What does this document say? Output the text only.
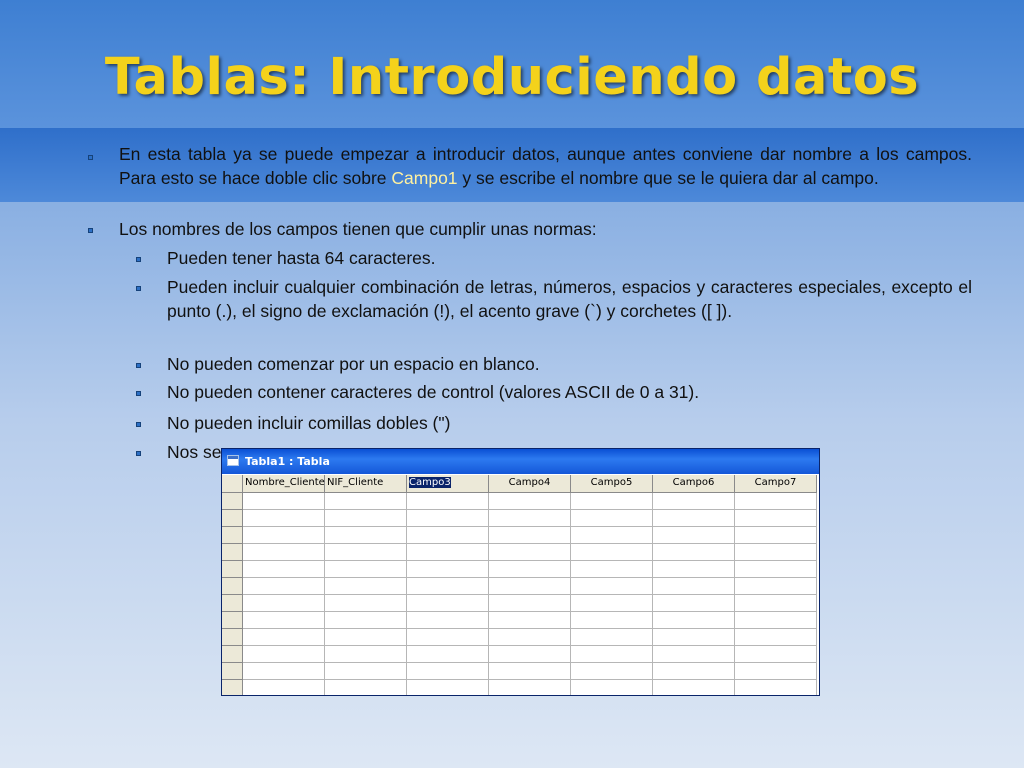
Tablas: Introduciendo datos

En esta tabla ya se puede empezar a introducir datos, aunque antes conviene dar nombre a los campos. Para esto se hace doble clic sobre Campo1 y se escribe el nombre que se le quiera dar al campo.

Los nombres de los campos tienen que cumplir unas normas:

Pueden tener hasta 64 caracteres.

Pueden incluir cualquier combinación de letras, números, espacios y caracteres especiales, excepto el punto (.), el signo de exclamación (!), el acento grave (`) y corchetes ([ ]).

No pueden comenzar por un espacio en blanco.

No pueden contener caracteres de control (valores ASCII de 0 a 31).

No pueden incluir comillas dobles (")

Nos se	Tabla1 : Tabla
Nombre_Cliente NIF_Cliente	Campo3	Campo4	Campo5	Campo6	Campo7
